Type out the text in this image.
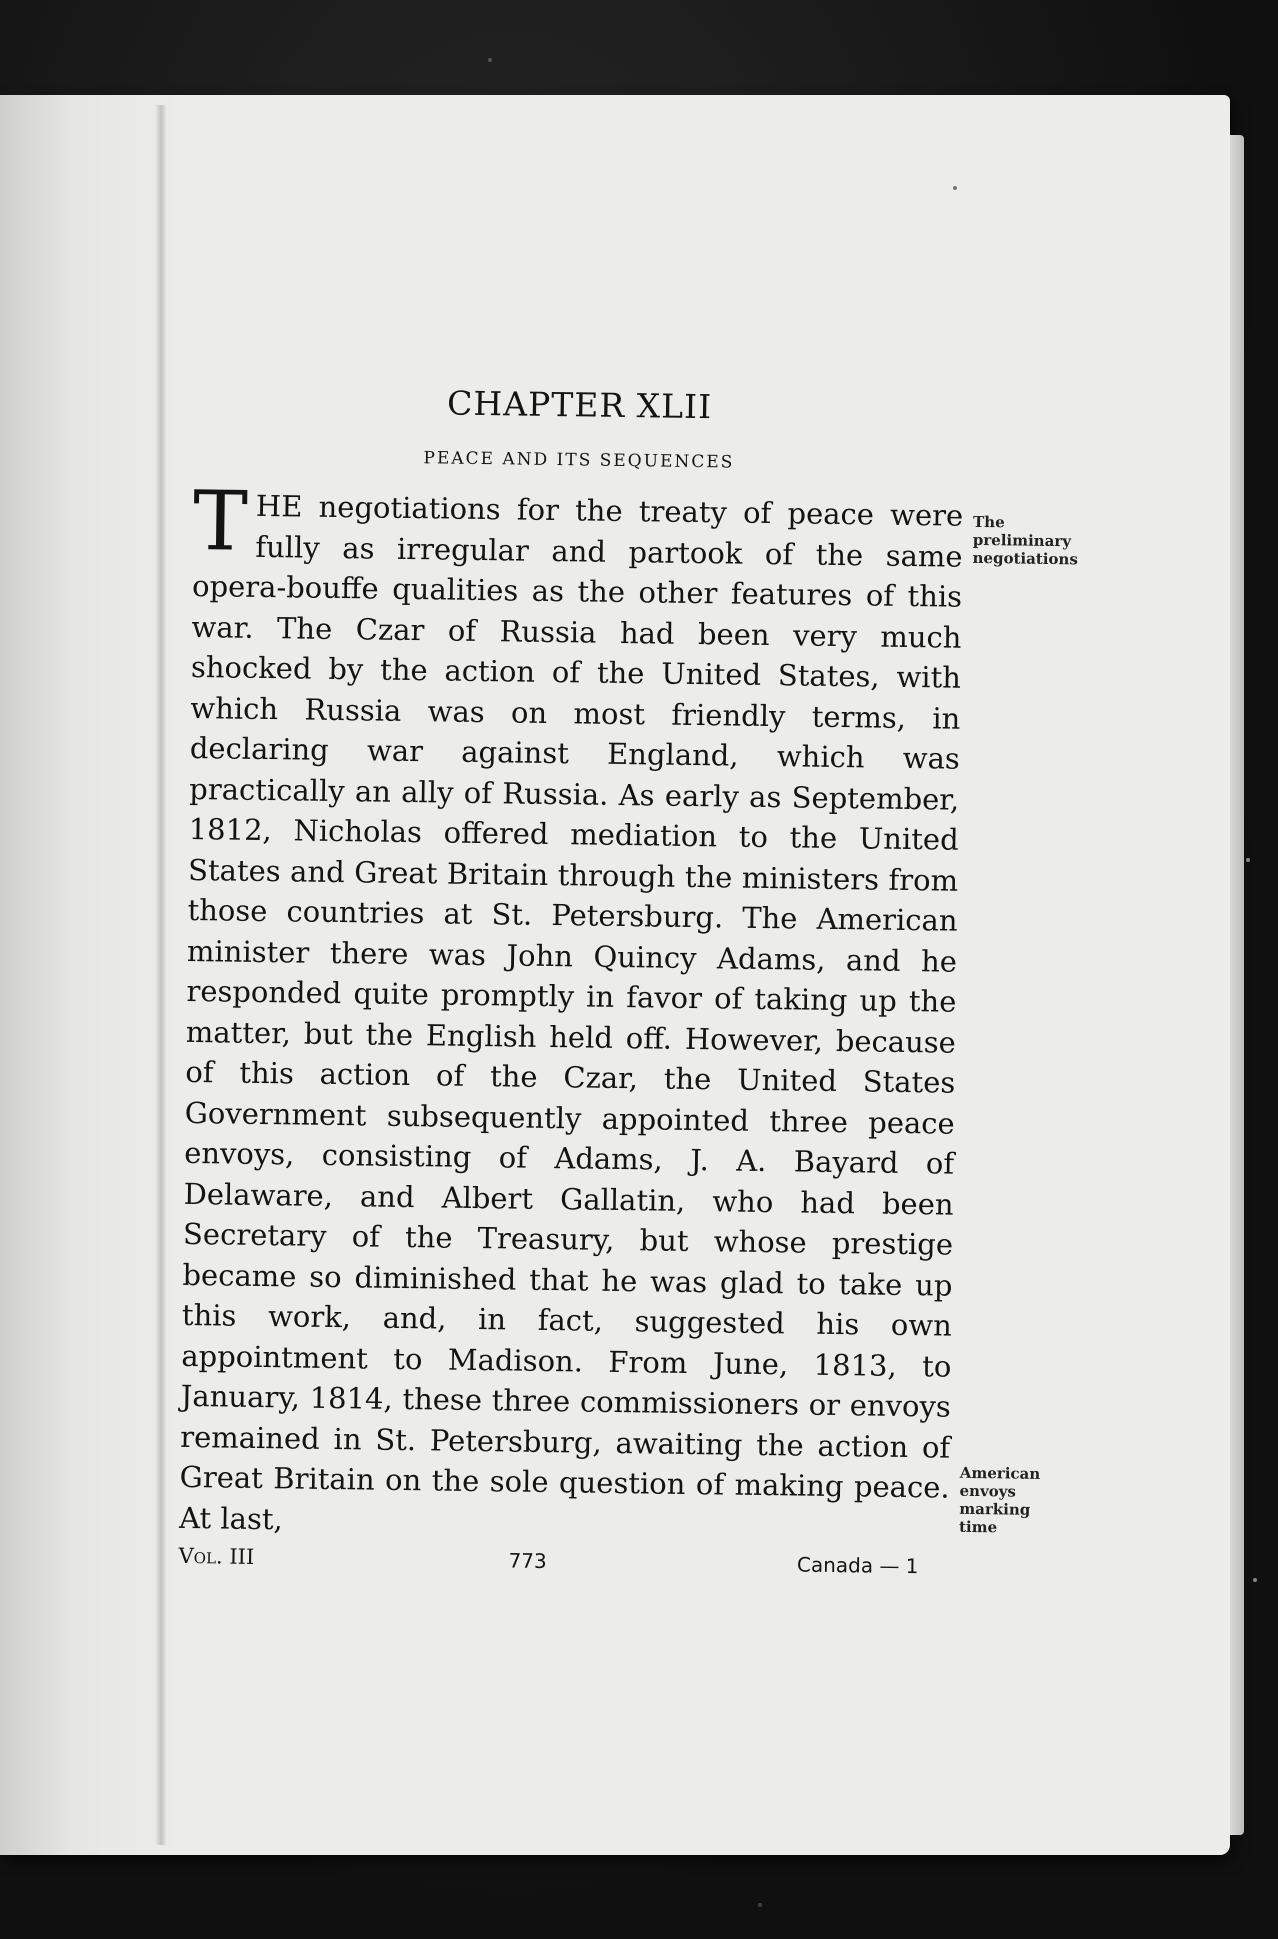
CHAPTER XLII
PEACE AND ITS SEQUENCES

THE negotiations for the treaty of peace were fully as irregular and partook of the same opera-bouffe qualities as the other features of this war. The Czar of Russia had been very much shocked by the action of the United States, with which Russia was on most friendly terms, in declaring war against England, which was practically an ally of Russia. As early as September, 1812, Nicholas offered mediation to the United States and Great Britain through the ministers from those countries at St. Petersburg. The American minister there was John Quincy Adams, and he responded quite promptly in favor of taking up the matter, but the English held off. However, because of this action of the Czar, the United States Government subsequently appointed three peace envoys, consisting of Adams, J. A. Bayard of Delaware, and Albert Gallatin, who had been Secretary of the Treasury, but whose prestige became so diminished that he was glad to take up this work, and, in fact, suggested his own appointment to Madison. From June, 1813, to January, 1814, these three commissioners or envoys remained in St. Petersburg, awaiting the action of Great Britain on the sole question of making peace. At last,

The preliminary negotiations
American envoys marking time
Vol. III	773	Canada — 1
